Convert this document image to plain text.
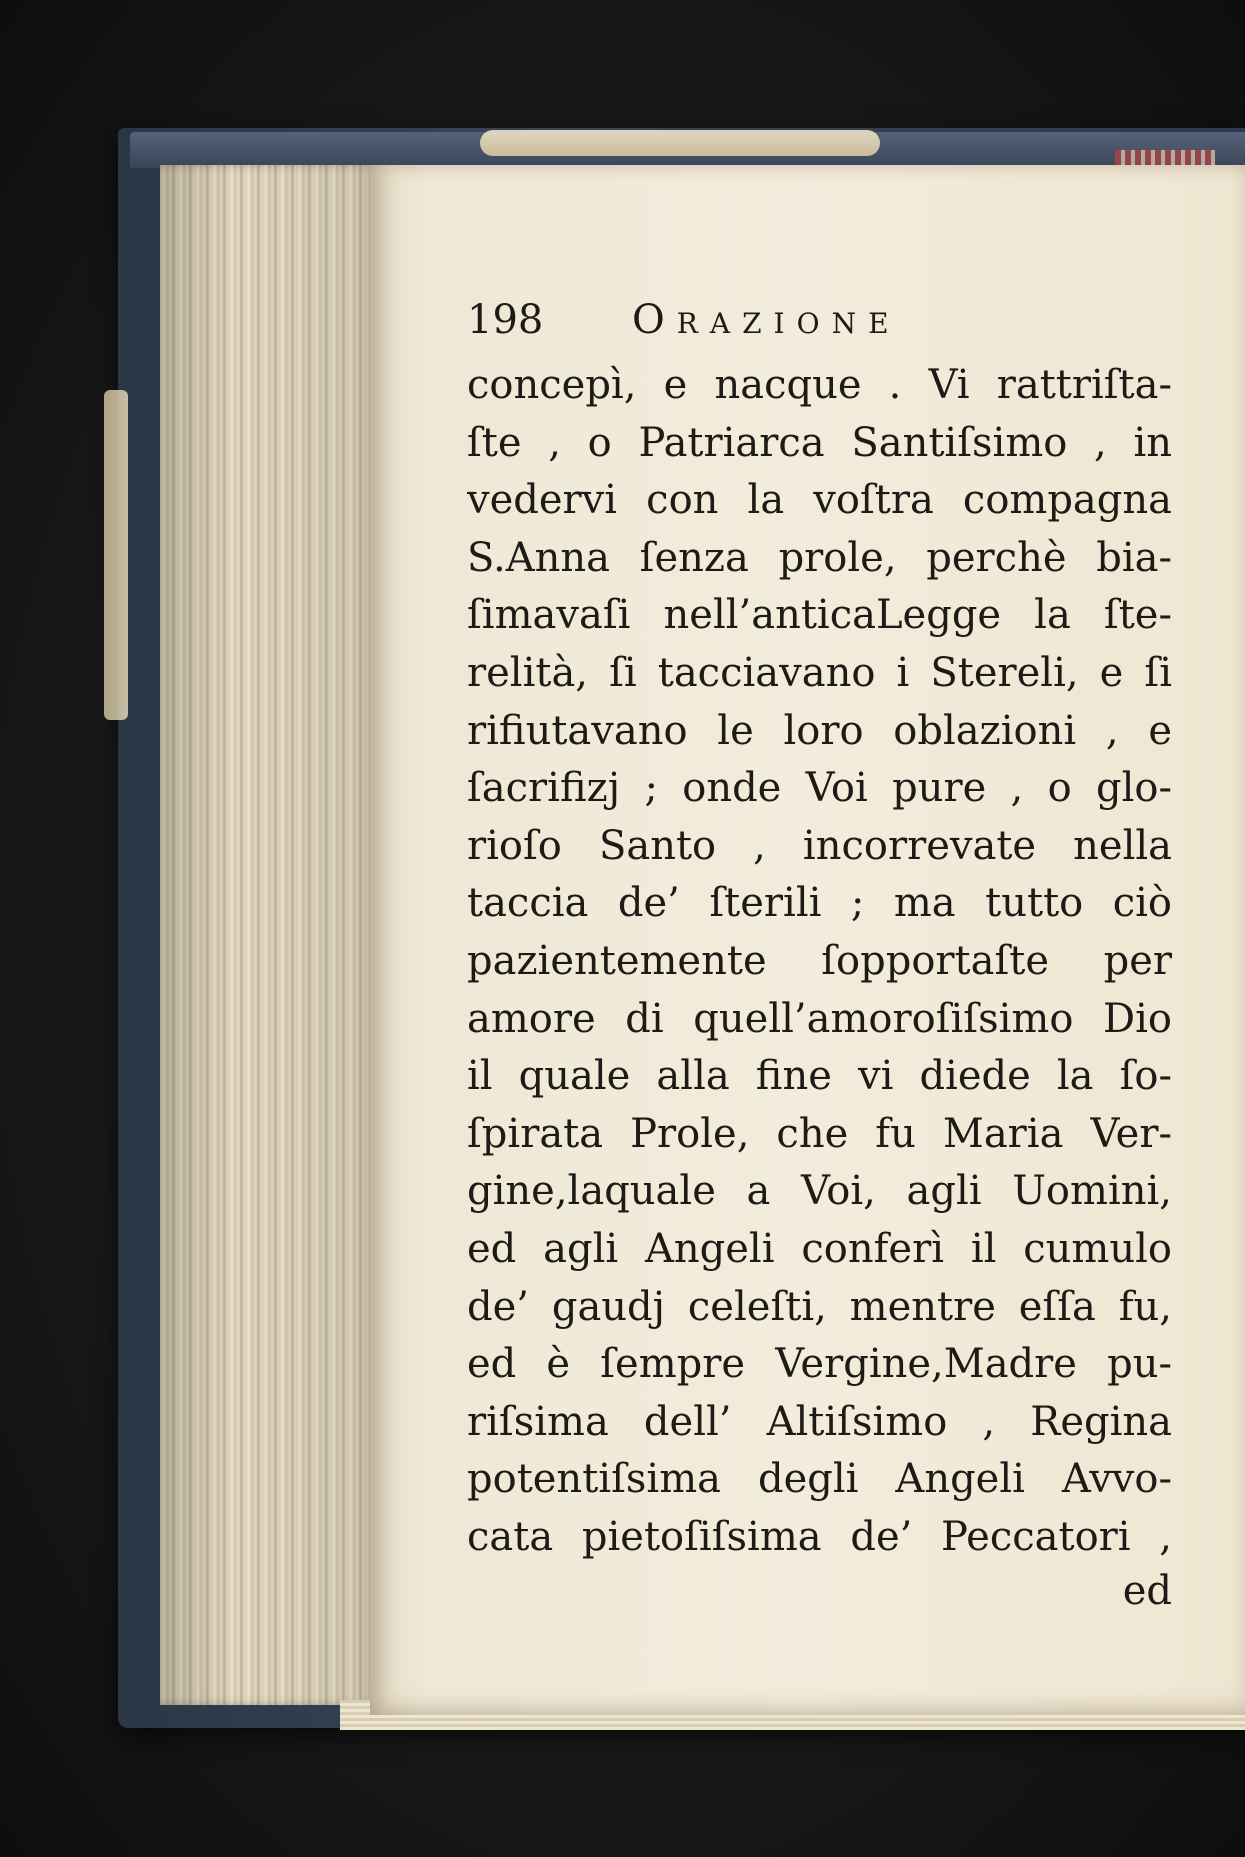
198	Orazione
concepì, e nacque . Vi rattriſta-
ſte , o Patriarca Santiſsimo , in
vedervi con la voſtra compagna
S.Anna ſenza prole, perchè bia-
ſimavaſi nell’anticaLegge la ſte-
relità, ſi tacciavano i Stereli, e ſi
rifiutavano le loro oblazioni , e
ſacrifizj ; onde Voi pure , o glo-
rioſo Santo , incorrevate nella
taccia de’ ſterili ; ma tutto ciò
pazientemente ſopportaſte per
amore di quell’amoroſiſsimo Dio
il quale alla fine vi diede la ſo-
ſpirata Prole, che fu Maria Ver-
gine,laquale a Voi, agli Uomini,
ed agli Angeli conferì il cumulo
de’ gaudj celeſti, mentre eſſa fu,
ed è ſempre Vergine,Madre pu-
riſsima dell’ Altiſsimo , Regina
potentiſsima degli Angeli Avvo-
cata pietoſiſsima de’ Peccatori ,
ed
